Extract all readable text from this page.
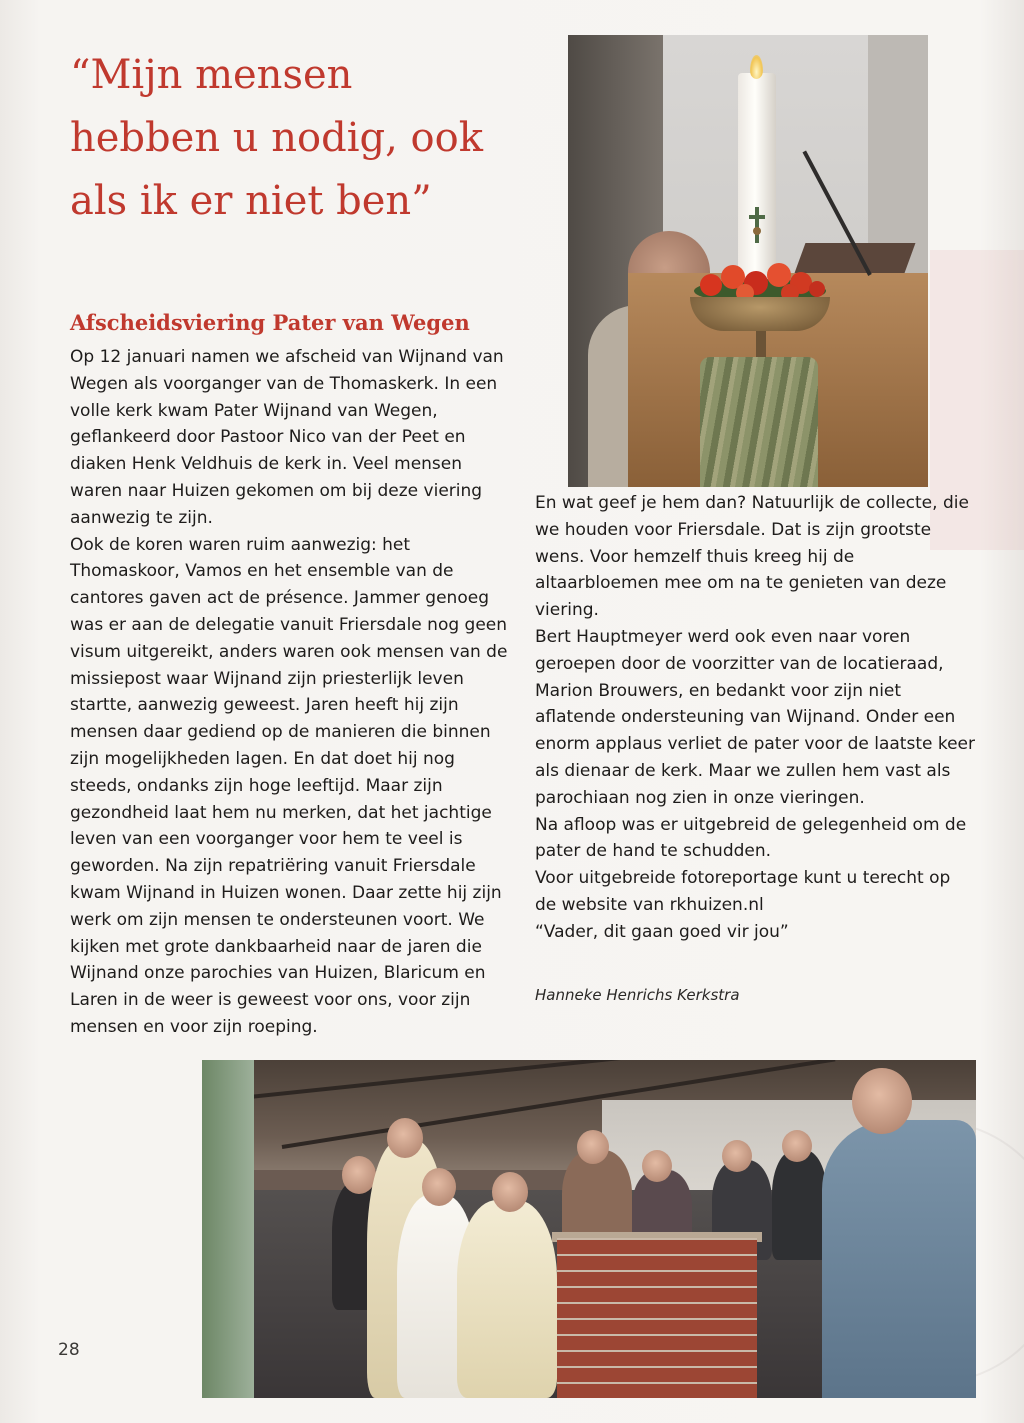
“Mijn mensen hebben u nodig, ook als ik er niet ben”
Afscheidsviering Pater van Wegen

Op 12 januari namen we afscheid van Wijnand van Wegen als voorganger van de Thomaskerk. In een volle kerk kwam Pater Wijnand van Wegen, geflankeerd door Pastoor Nico van der Peet en diaken Henk Veldhuis de kerk in. Veel mensen waren naar Huizen gekomen om bij deze viering aanwezig te zijn.

Ook de koren waren ruim aanwezig: het Thomaskoor, Vamos en het ensemble van de cantores gaven act de présence. Jammer genoeg was er aan de delegatie vanuit Friersdale nog geen visum uitgereikt, anders waren ook mensen van de missiepost waar Wijnand zijn priesterlijk leven startte, aanwezig geweest. Jaren heeft hij zijn mensen daar gediend op de manieren die binnen zijn mogelijkheden lagen. En dat doet hij nog steeds, ondanks zijn hoge leeftijd. Maar zijn gezondheid laat hem nu merken, dat het jachtige leven van een voorganger voor hem te veel is geworden. Na zijn repatriëring vanuit Friersdale kwam Wijnand in Huizen wonen. Daar zette hij zijn werk om zijn mensen te ondersteunen voort. We kijken met grote dankbaarheid naar de jaren die Wijnand onze parochies van Huizen, Blaricum en Laren in de weer is geweest voor ons, voor zijn mensen en voor zijn roeping.

En wat geef je hem dan? Natuurlijk de collecte, die we houden voor Friersdale. Dat is zijn grootste wens. Voor hemzelf thuis kreeg hij de altaarbloemen mee om na te genieten van deze viering.

Bert Hauptmeyer werd ook even naar voren geroepen door de voorzitter van de locatieraad, Marion Brouwers, en bedankt voor zijn niet aflatende ondersteuning van Wijnand. Onder een enorm applaus verliet de pater voor de laatste keer als dienaar de kerk. Maar we zullen hem vast als parochiaan nog zien in onze vieringen.

Na afloop was er uitgebreid de gelegenheid om de pater de hand te schudden.

Voor uitgebreide fotoreportage kunt u terecht op de website van rkhuizen.nl

“Vader, dit gaan goed vir jou”

Hanneke Henrichs Kerkstra
28
